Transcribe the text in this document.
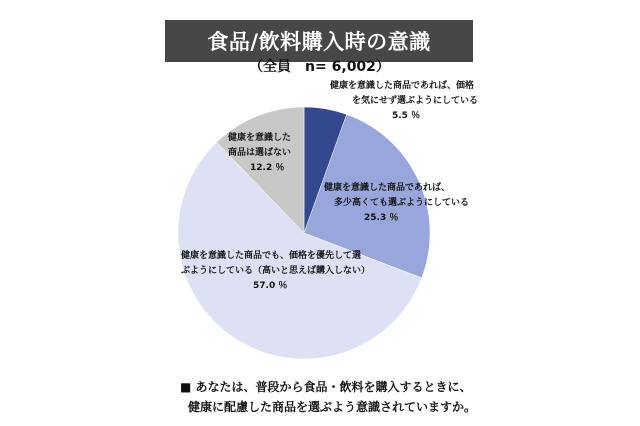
食品/飲料購入時の意識
（全員　n= 6,002）
健康を意識した商品であれば、価格
を気にせず選ぶようにしている
5.5 ％
健康を意識した商品であれば、
多少高くても選ぶようにしている
25.3 ％
健康を意識した商品でも、価格を優先して選
ぶようにしている（高いと思えば購入しない）
57.0 ％
健康を意識した
商品は選ばない
12.2 ％
■ あなたは、普段から食品・飲料を購入するときに、
健康に配慮した商品を選ぶよう意識されていますか。
